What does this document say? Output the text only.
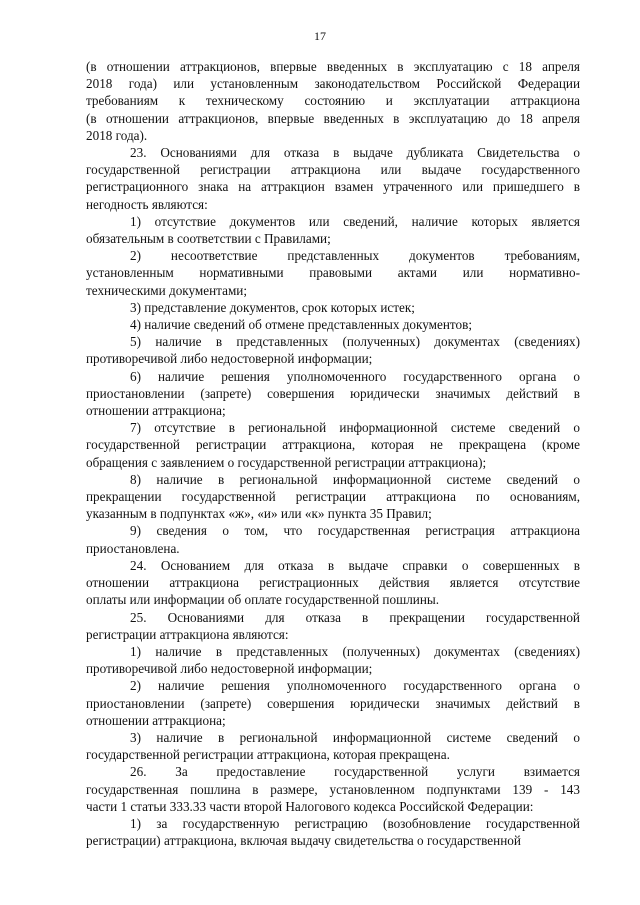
17
(в отношении аттракционов, впервые введенных в эксплуатацию с 18 апреля
2018 года) или установленным законодательством Российской Федерации
требованиям к техническому состоянию и эксплуатации аттракциона
(в отношении аттракционов, впервые введенных в эксплуатацию до 18 апреля
2018 года).
23. Основаниями для отказа в выдаче дубликата Свидетельства о
государственной регистрации аттракциона или выдаче государственного
регистрационного знака на аттракцион взамен утраченного или пришедшего в
негодность являются:
1) отсутствие документов или сведений, наличие которых является
обязательным в соответствии с Правилами;
2) несоответствие представленных документов требованиям,
установленным нормативными правовыми актами или нормативно-
техническими документами;
3) представление документов, срок которых истек;
4) наличие сведений об отмене представленных документов;
5) наличие в представленных (полученных) документах (сведениях)
противоречивой либо недостоверной информации;
6) наличие решения уполномоченного государственного органа о
приостановлении (запрете) совершения юридически значимых действий в
отношении аттракциона;
7) отсутствие в региональной информационной системе сведений о
государственной регистрации аттракциона, которая не прекращена (кроме
обращения с заявлением о государственной регистрации аттракциона);
8) наличие в региональной информационной системе сведений о
прекращении государственной регистрации аттракциона по основаниям,
указанным в подпунктах «ж», «и» или «к» пункта 35 Правил;
9) сведения о том, что государственная регистрация аттракциона
приостановлена.
24. Основанием для отказа в выдаче справки о совершенных в
отношении аттракциона регистрационных действия является отсутствие
оплаты или информации об оплате государственной пошлины.
25. Основаниями для отказа в прекращении государственной
регистрации аттракциона являются:
1) наличие в представленных (полученных) документах (сведениях)
противоречивой либо недостоверной информации;
2) наличие решения уполномоченного государственного органа о
приостановлении (запрете) совершения юридически значимых действий в
отношении аттракциона;
3) наличие в региональной информационной системе сведений о
государственной регистрации аттракциона, которая прекращена.
26. За предоставление государственной услуги взимается
государственная пошлина в размере, установленном подпунктами 139 - 143
части 1 статьи 333.33 части второй Налогового кодекса Российской Федерации:
1) за государственную регистрацию (возобновление государственной
регистрации) аттракциона, включая выдачу свидетельства о государственной
